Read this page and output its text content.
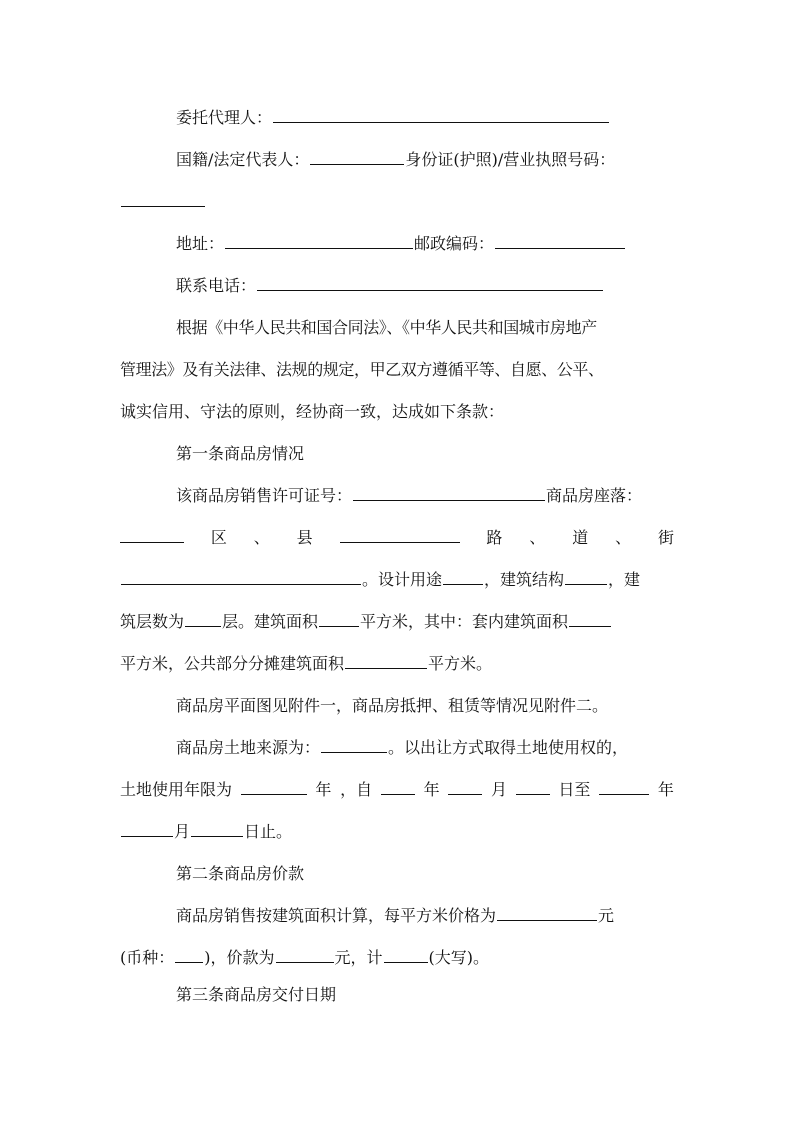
委托代理人：
国籍/法定代表人：	身份证(护照)/营业执照号码：
地址：	邮政编码：
联系电话：
根据《中华人民共和国合同法》、《中华人民共和国城市房地产
管理法》及有关法律、法规的规定，甲乙双方遵循平等、自愿、公平、
诚实信用、守法的原则，经协商一致，达成如下条款：
第一条商品房情况
该商品房销售许可证号：	商品房座落：
区 、 县	路 、 道 、 街
。设计用途	，建筑结构	，建
筑层数为 层。建筑面积	平方米，其中：套内建筑面积
平方米，公共部分分摊建筑面积	平方米。
商品房平面图见附件一，商品房抵押、租赁等情况见附件二。
商品房土地来源为：	。以出让方式取得土地使用权的，
土地使用年限为	年 ，自	年	月	日至	年
月	日止。
第二条商品房价款
商品房销售按建筑面积计算，每平方米价格为	元
(币种： )，价款为	元，计	(大写)。
第三条商品房交付日期
